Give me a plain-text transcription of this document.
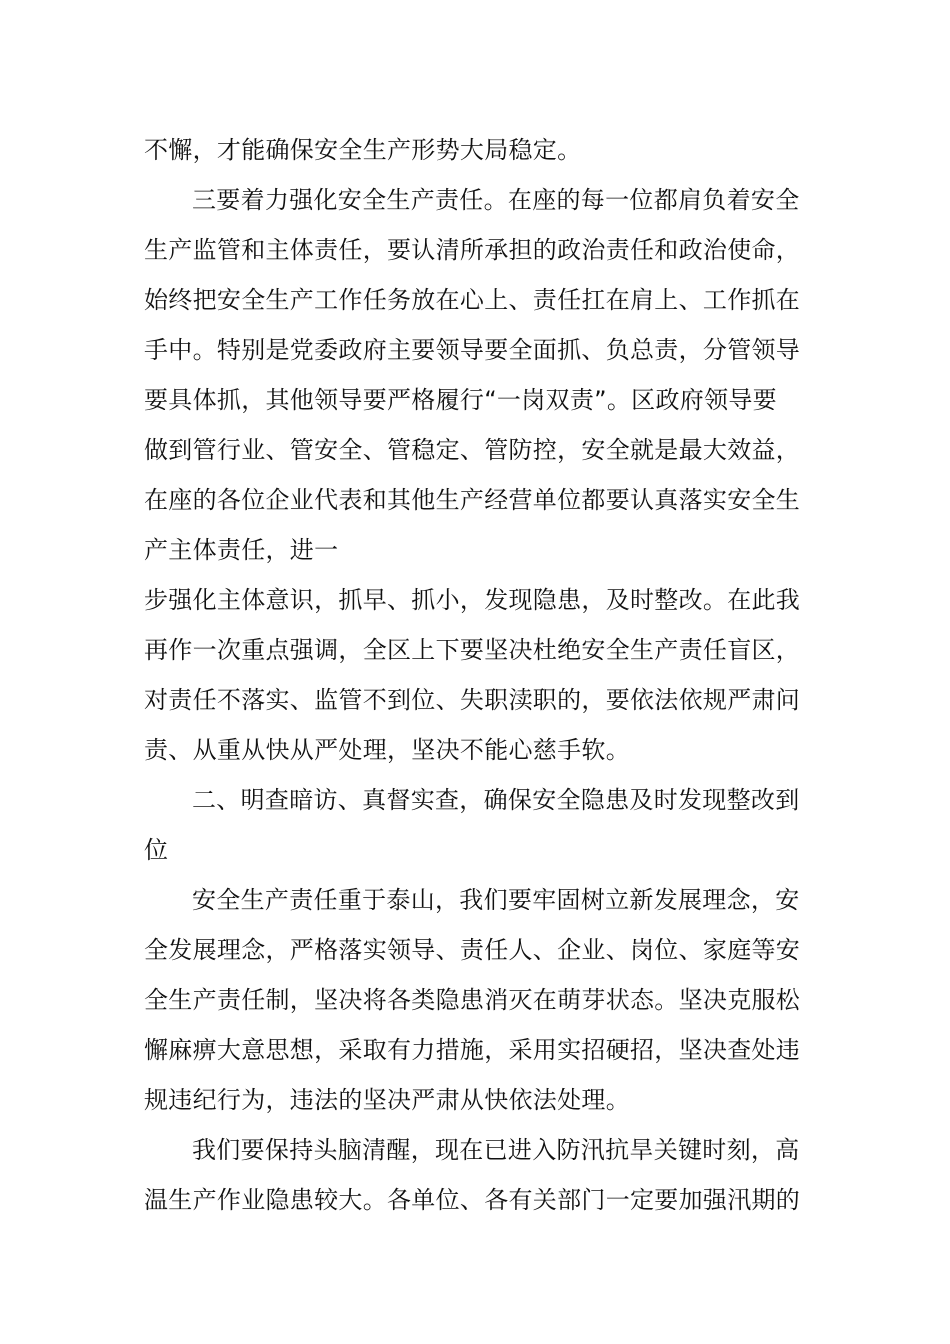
不懈，才能确保安全生产形势大局稳定。
三要着力强化安全生产责任。在座的每一位都肩负着安全
生产监管和主体责任，要认清所承担的政治责任和政治使命，
始终把安全生产工作任务放在心上、责任扛在肩上、工作抓在
手中。特别是党委政府主要领导要全面抓、负总责，分管领导
要具体抓，其他领导要严格履行“一岗双责”。区政府领导要
做到管行业、管安全、管稳定、管防控，安全就是最大效益，
在座的各位企业代表和其他生产经营单位都要认真落实安全生
产主体责任，进一
步强化主体意识，抓早、抓小，发现隐患，及时整改。在此我
再作一次重点强调，全区上下要坚决杜绝安全生产责任盲区，
对责任不落实、监管不到位、失职渎职的，要依法依规严肃问
责、从重从快从严处理，坚决不能心慈手软。
二、明查暗访、真督实查，确保安全隐患及时发现整改到
位
安全生产责任重于泰山，我们要牢固树立新发展理念，安
全发展理念，严格落实领导、责任人、企业、岗位、家庭等安
全生产责任制，坚决将各类隐患消灭在萌芽状态。坚决克服松
懈麻痹大意思想，采取有力措施，采用实招硬招，坚决查处违
规违纪行为，违法的坚决严肃从快依法处理。
我们要保持头脑清醒，现在已进入防汛抗旱关键时刻，高
温生产作业隐患较大。各单位、各有关部门一定要加强汛期的
